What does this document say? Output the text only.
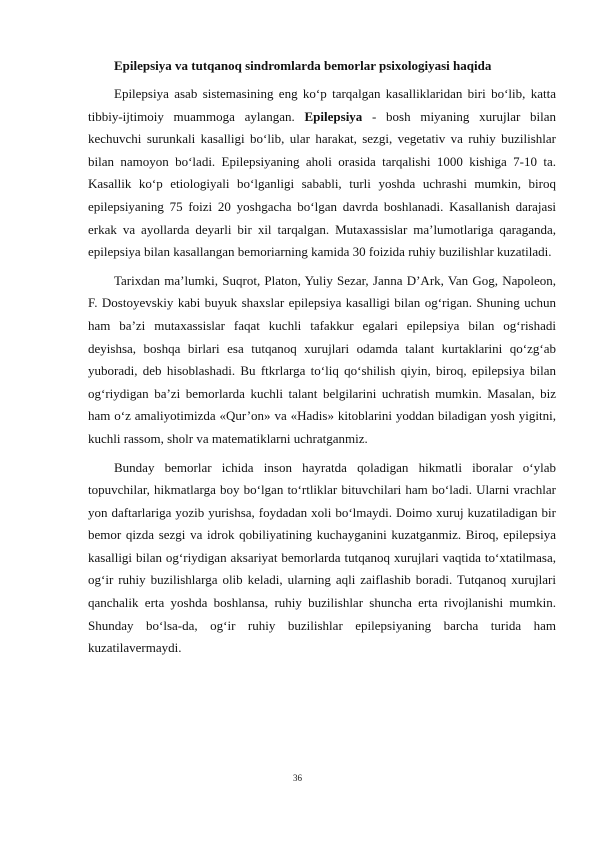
Epilepsiya va tutqanoq sindromlarda bemorlar psixologiyasi haqida

Epilepsiya asab sistemasining eng ko‘p tarqalgan kasalliklaridan biri bo‘lib, katta tibbiy-ijtimoiy muammoga aylangan. Epilepsiya - bosh miyaning xurujlar bilan kechuvchi surunkali kasalligi bo‘lib, ular harakat, sezgi, vegetativ va ruhiy buzilishlar bilan namoyon bo‘ladi. Epilepsiyaning aholi orasida tarqalishi 1000 kishiga 7-10 ta. Kasallik ko‘p etiologiyali bo‘lganligi sababli, turli yoshda uchrashi mumkin, biroq epilepsiyaning 75 foizi 20 yoshgacha bo‘lgan davrda boshlanadi. Kasallanish darajasi erkak va ayollarda deyarli bir xil tarqalgan. Mutaxassislar ma’lumotlariga qaraganda, epilepsiya bilan kasallangan bemoriarning kamida 30 foizida ruhiy buzilishlar kuzatiladi.

Tarixdan ma’lumki, Suqrot, Platon, Yuliy Sezar, Janna D’Ark, Van Gog, Napoleon, F. Dostoyevskiy kabi buyuk shaxslar epilepsiya kasalligi bilan og‘rigan. Shuning uchun ham ba’zi mutaxassislar faqat kuchli tafakkur egalari epilepsiya bilan og‘rishadi deyishsa, boshqa birlari esa tutqanoq xurujlari odamda talant kurtaklarini qo‘zg‘ab yuboradi, deb hisoblashadi. Bu ftkrlarga to‘liq qo‘shilish qiyin, biroq, epilepsiya bilan og‘riydigan ba’zi bemorlarda kuchli talant belgilarini uchratish mumkin. Masalan, biz ham o‘z amaliyotimizda «Qur’on» va «Hadis» kitoblarini yoddan biladigan yosh yigitni, kuchli rassom, sholr va matematiklarni uchratganmiz.

Bunday bemorlar ichida inson hayratda qoladigan hikmatli iboralar o‘ylab topuvchilar, hikmatlarga boy bo‘lgan to‘rtliklar bituvchilari ham bo‘ladi. Ularni vrachlar yon daftarlariga yozib yurishsa, foydadan xoli bo‘lmaydi. Doimo xuruj kuzatiladigan bir bemor qizda sezgi va idrok qobiliyatining kuchayganini kuzatganmiz. Biroq, epilepsiya kasalligi bilan og‘riydigan aksariyat bemorlarda tutqanoq xurujlari vaqtida to‘xtatilmasa, og‘ir ruhiy buzilishlarga olib keladi, ularning aqli zaiflashib boradi. Tutqanoq xurujlari qanchalik erta yoshda boshlansa, ruhiy buzilishlar shuncha erta rivojlanishi mumkin. Shunday bo‘lsa-da, og‘ir ruhiy buzilishlar epilepsiyaning barcha turida ham kuzatilavermaydi.

36
